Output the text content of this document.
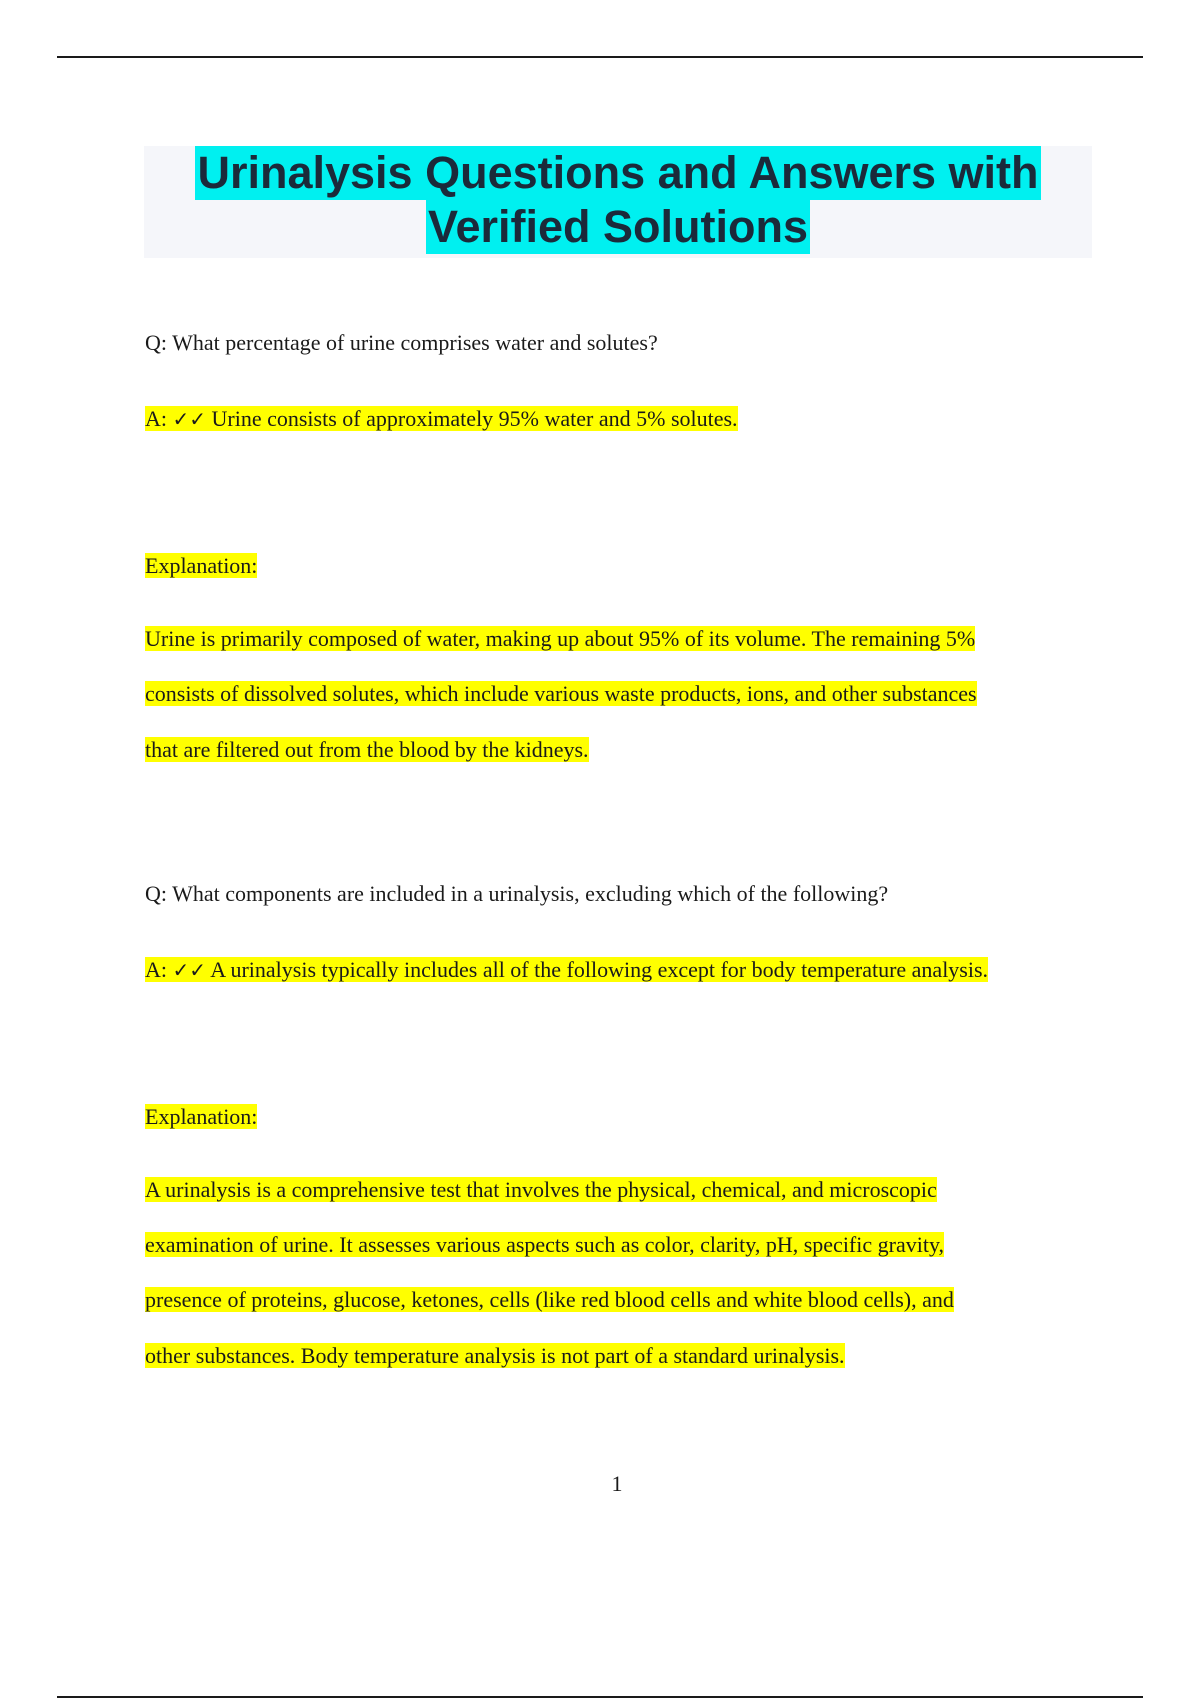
Urinalysis Questions and Answers with
Verified Solutions
Q: What percentage of urine comprises water and solutes?
A: ✓✓ Urine consists of approximately 95% water and 5% solutes.
Explanation:
Urine is primarily composed of water, making up about 95% of its volume. The remaining 5%
consists of dissolved solutes, which include various waste products, ions, and other substances
that are filtered out from the blood by the kidneys.
Q: What components are included in a urinalysis, excluding which of the following?
A: ✓✓ A urinalysis typically includes all of the following except for body temperature analysis.
Explanation:
A urinalysis is a comprehensive test that involves the physical, chemical, and microscopic
examination of urine. It assesses various aspects such as color, clarity, pH, specific gravity,
presence of proteins, glucose, ketones, cells (like red blood cells and white blood cells), and
other substances. Body temperature analysis is not part of a standard urinalysis.
1
